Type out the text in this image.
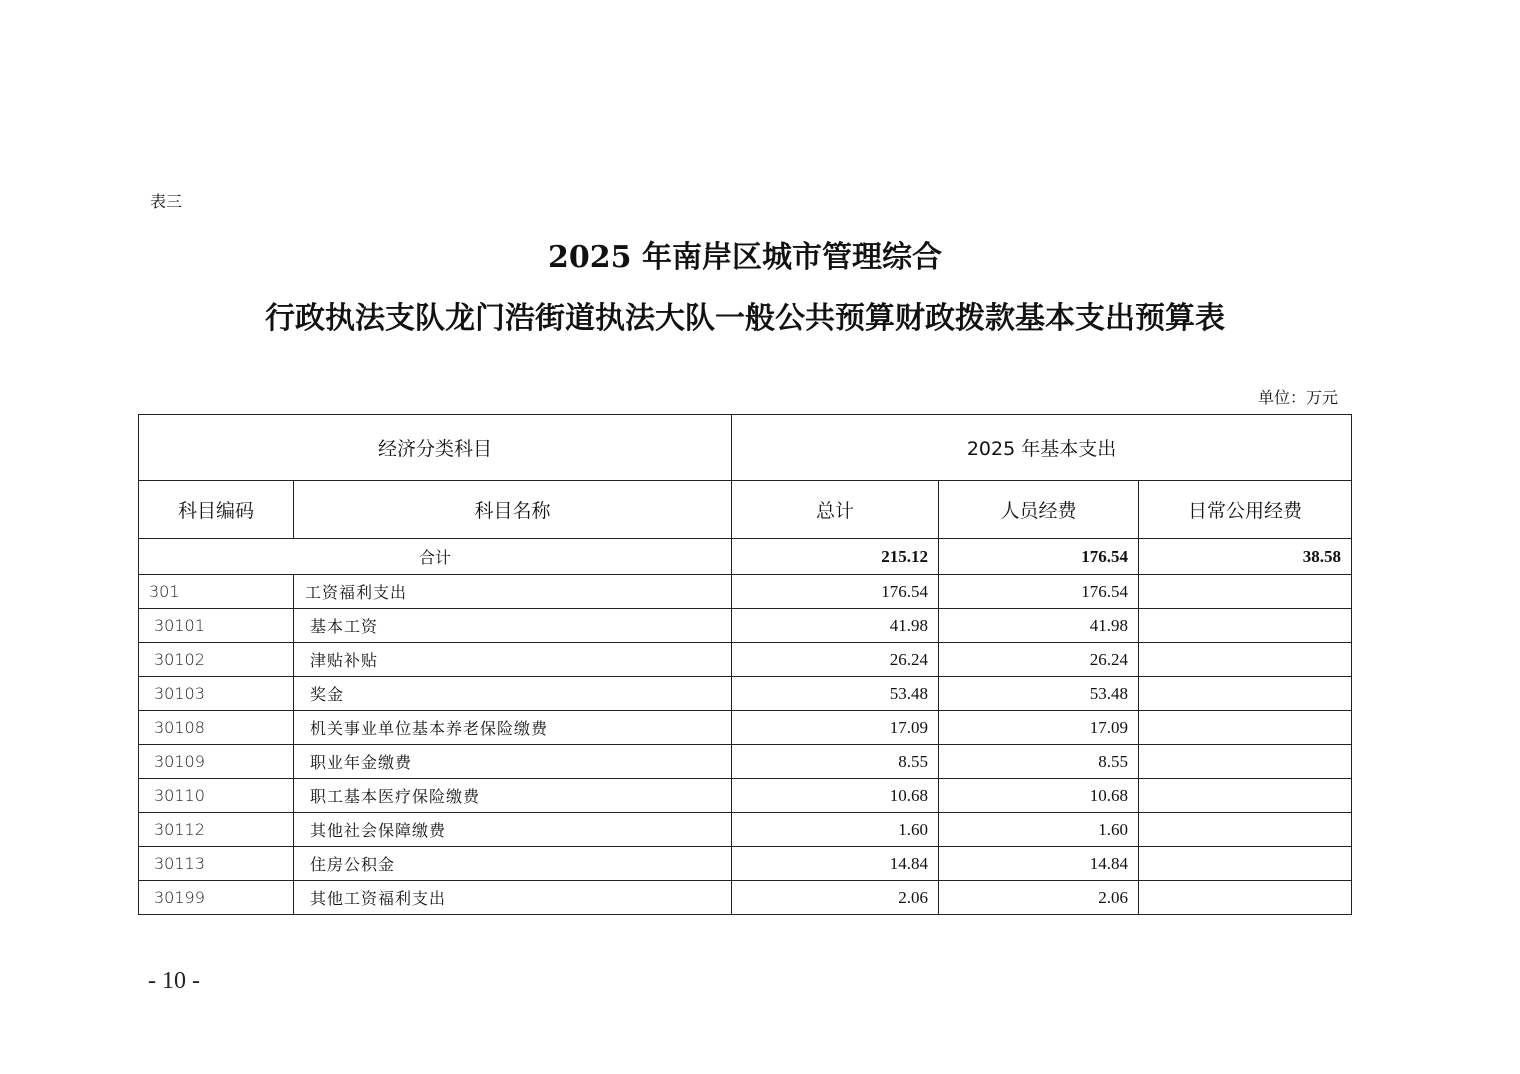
表三
2025 年南岸区城市管理综合
行政执法支队龙门浩街道执法大队一般公共预算财政拨款基本支出预算表
单位：万元
经济分类科目		2025 年基本支出		
科目编码	科目名称	总计	人员经费	日常公用经费
合计		215.12	176.54	38.58
301	工资福利支出	176.54	176.54	
30101	基本工资	41.98	41.98	
30102	津贴补贴	26.24	26.24	
30103	奖金	53.48	53.48	
30108	机关事业单位基本养老保险缴费	17.09	17.09	
30109	职业年金缴费	8.55	8.55	
30110	职工基本医疗保险缴费	10.68	10.68	
30112	其他社会保障缴费	1.60	1.60	
30113	住房公积金	14.84	14.84	
30199	其他工资福利支出	2.06	2.06	
- 10 -
